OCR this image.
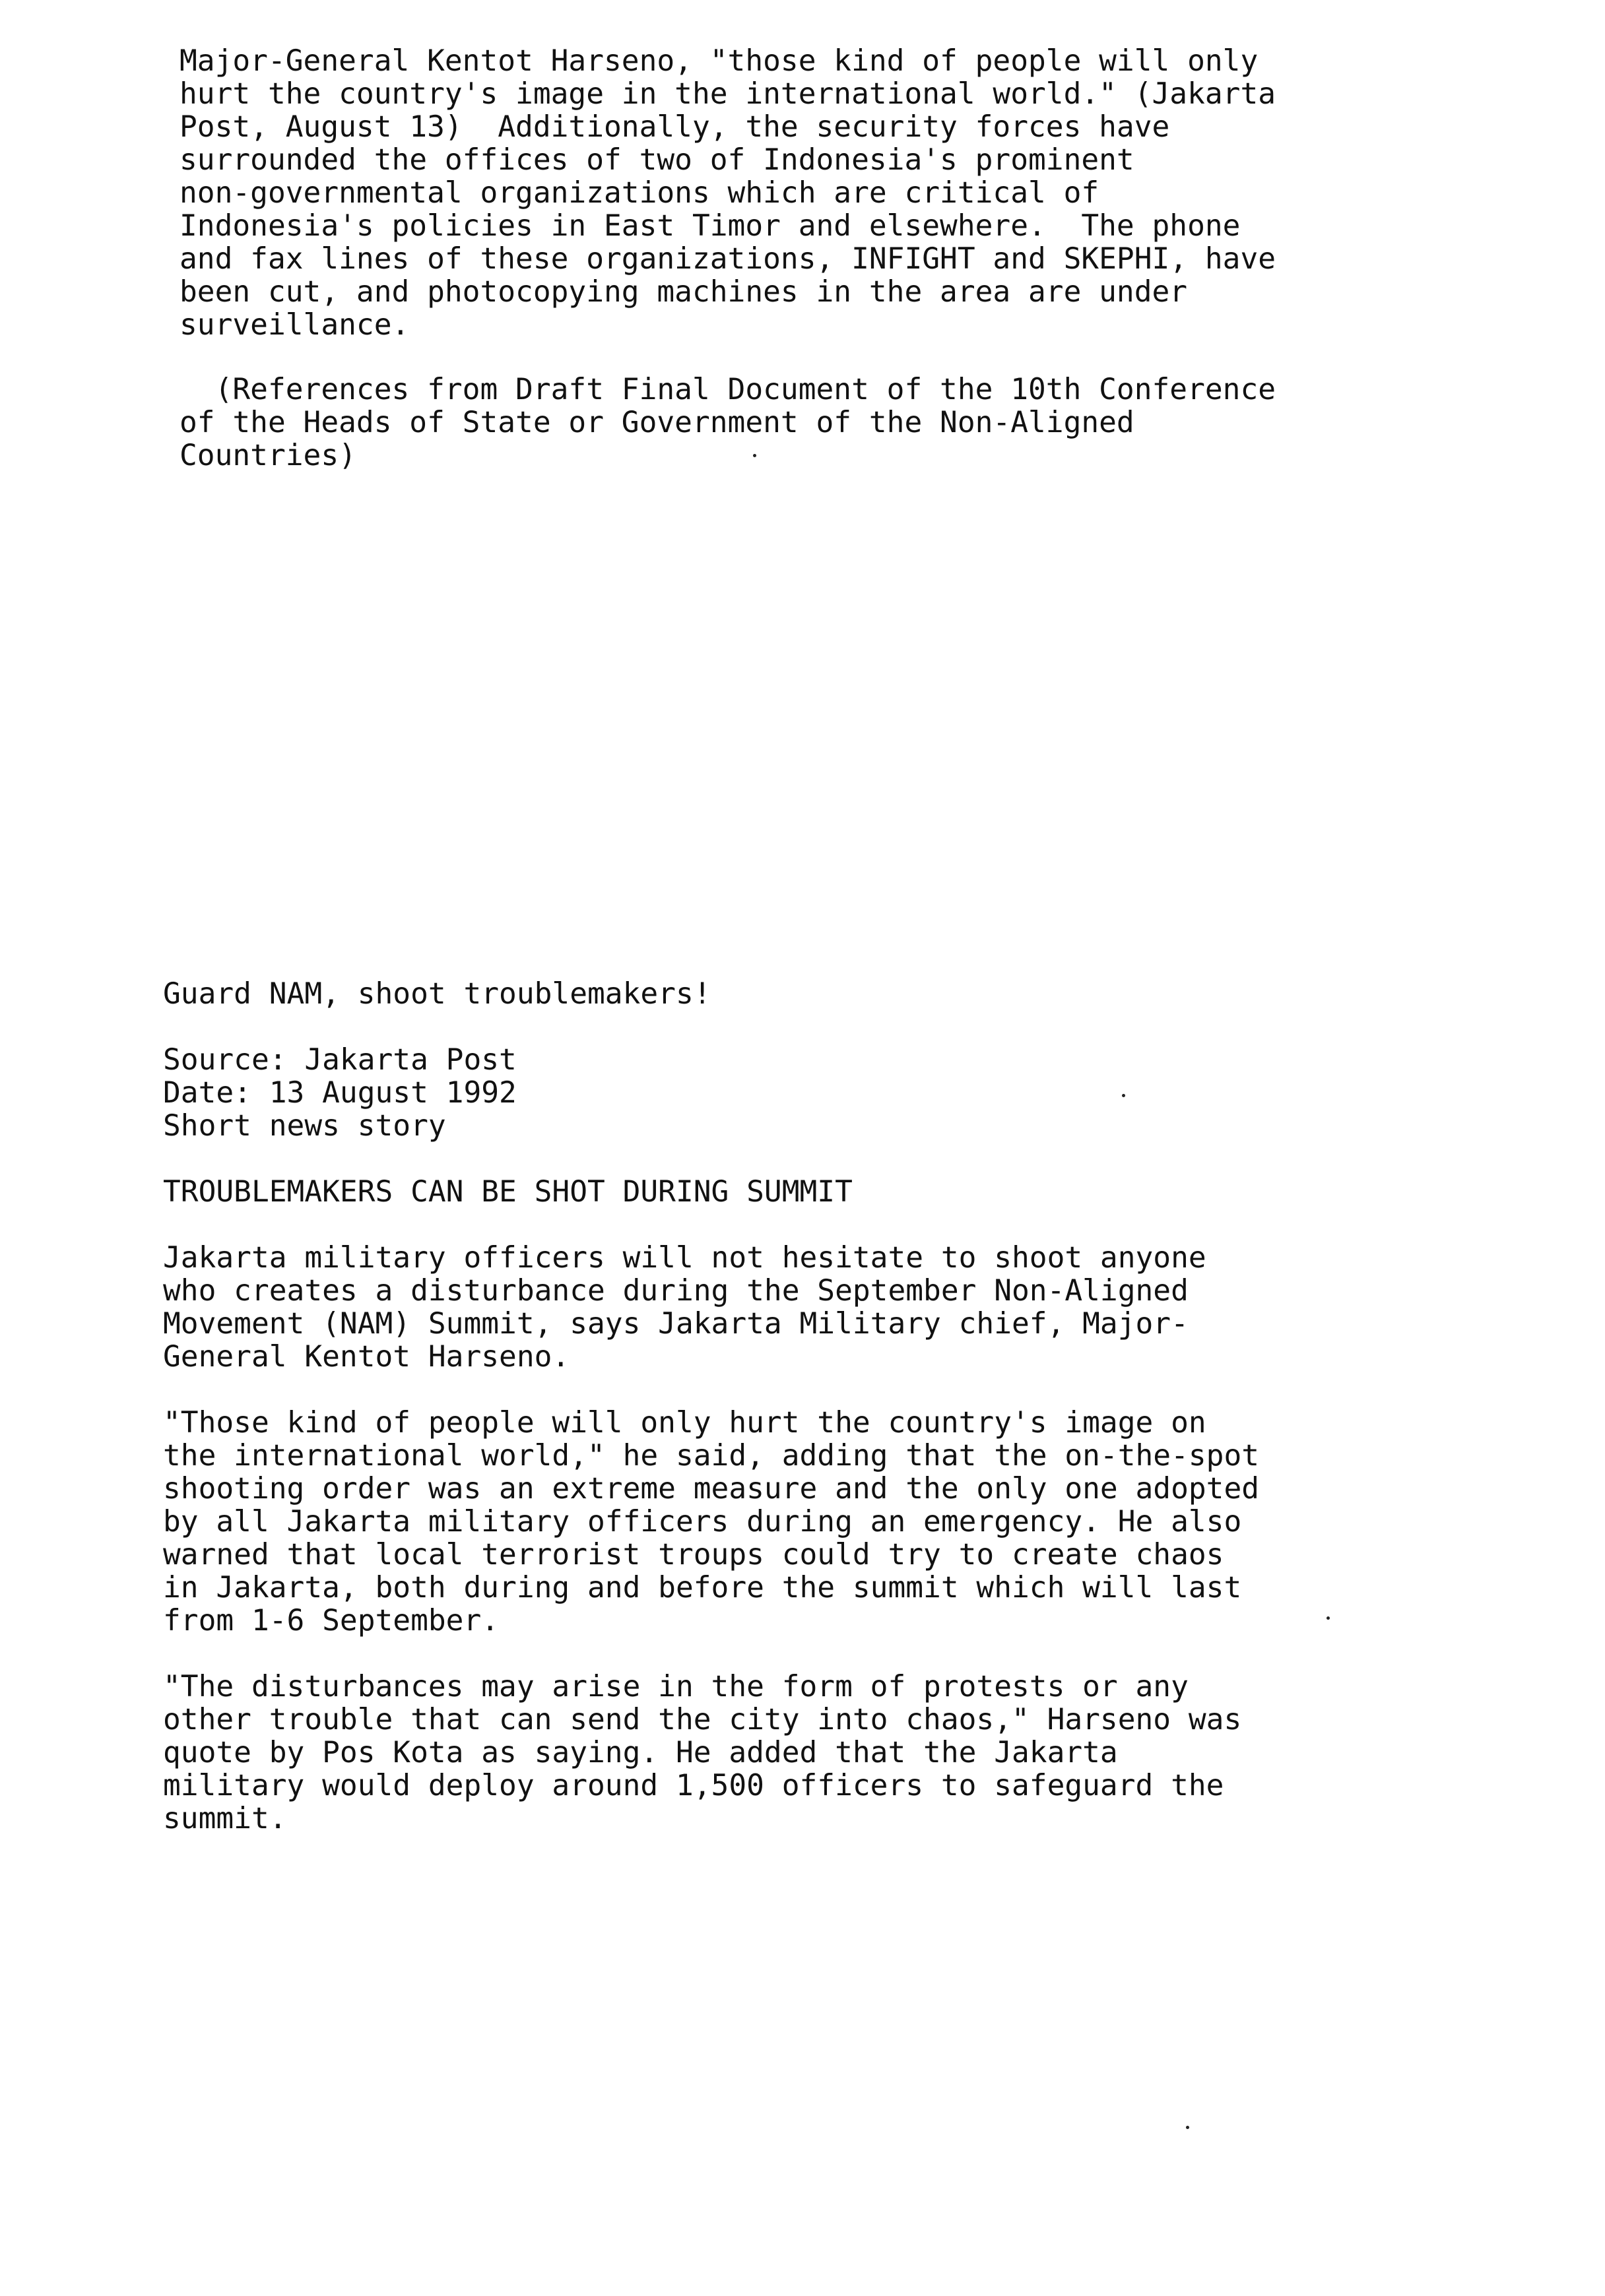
Major-General Kentot Harseno, "those kind of people will only
hurt the country's image in the international world." (Jakarta
Post, August 13)  Additionally, the security forces have
surrounded the offices of two of Indonesia's prominent
non-governmental organizations which are critical of
Indonesia's policies in East Timor and elsewhere.  The phone
and fax lines of these organizations, INFIGHT and SKEPHI, have
been cut, and photocopying machines in the area are under
surveillance.

(References from Draft Final Document of the 10th Conference
of the Heads of State or Government of the Non-Aligned
Countries)

Guard NAM, shoot troublemakers!

Source: Jakarta Post
Date: 13 August 1992
Short news story

TROUBLEMAKERS CAN BE SHOT DURING SUMMIT

Jakarta military officers will not hesitate to shoot anyone
who creates a disturbance during the September Non-Aligned
Movement (NAM) Summit, says Jakarta Military chief, Major-
General Kentot Harseno.

"Those kind of people will only hurt the country's image on
the international world," he said, adding that the on-the-spot
shooting order was an extreme measure and the only one adopted
by all Jakarta military officers during an emergency. He also
warned that local terrorist troups could try to create chaos
in Jakarta, both during and before the summit which will last
from 1-6 September.

"The disturbances may arise in the form of protests or any
other trouble that can send the city into chaos," Harseno was
quote by Pos Kota as saying. He added that the Jakarta
military would deploy around 1,500 officers to safeguard the
summit.
